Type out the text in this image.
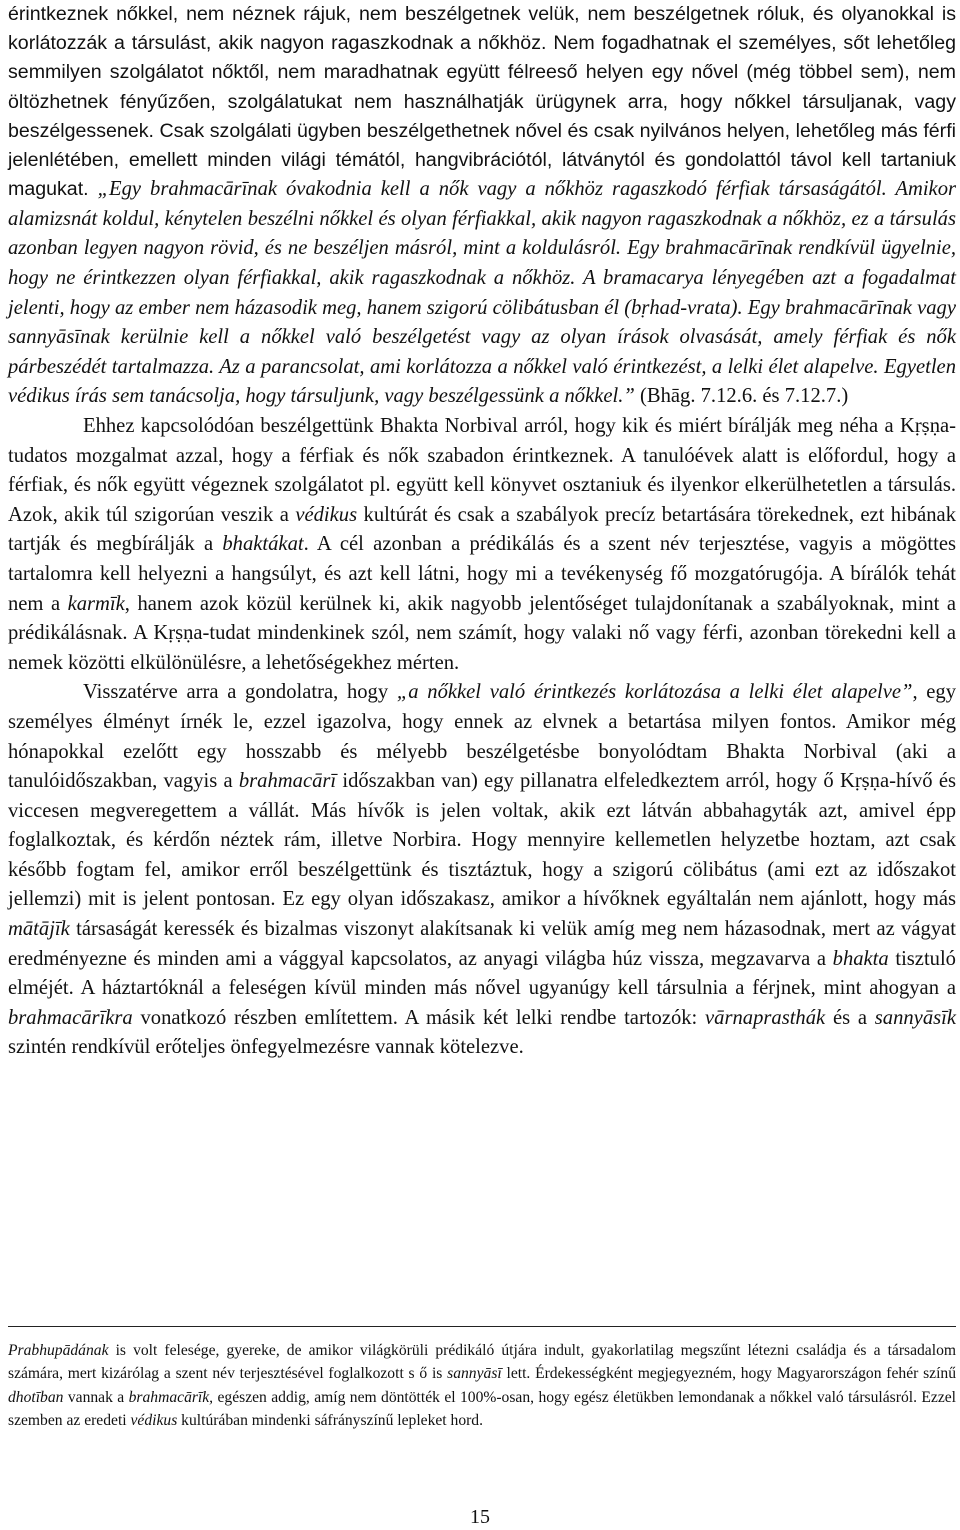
érintkeznek nőkkel, nem néznek rájuk, nem beszélgetnek velük, nem beszélgetnek róluk, és olyanokkal is korlátozzák a társulást, akik nagyon ragaszkodnak a nőkhöz. Nem fogadhatnak el személyes, sőt lehetőleg semmilyen szolgálatot nőktől, nem maradhatnak együtt félreeső helyen egy nővel (még többel sem), nem öltözhetnek fényűzően, szolgálatukat nem használhatják ürügynek arra, hogy nőkkel társuljanak, vagy beszélgessenek. Csak szolgálati ügyben beszélgethetnek nővel és csak nyilvános helyen, lehetőleg más férfi jelenlétében, emellett minden világi témától, hangvibrációtól, látványtól és gondolattól távol kell tartaniuk magukat. „Egy brahmacārīnak óvakodnia kell a nők vagy a nőkhöz ragaszkodó férfiak társaságától. Amikor alamizsnát koldul, kénytelen beszélni nőkkel és olyan férfiakkal, akik nagyon ragaszkodnak a nőkhöz, ez a társulás azonban legyen nagyon rövid, és ne beszéljen másról, mint a koldulásról. Egy brahmacārīnak rendkívül ügyelnie, hogy ne érintkezzen olyan férfiakkal, akik ragaszkodnak a nőkhöz. A bramacarya lényegében azt a fogadalmat jelenti, hogy az ember nem házasodik meg, hanem szigorú cölibátusban él (bṛhad-vrata). Egy brahmacārīnak vagy sannyāsīnak kerülnie kell a nőkkel való beszélgetést vagy az olyan írások olvasását, amely férfiak és nők párbeszédét tartalmazza. Az a parancsolat, ami korlátozza a nőkkel való érintkezést, a lelki élet alapelve. Egyetlen védikus írás sem tanácsolja, hogy társuljunk, vagy beszélgessünk a nőkkel.” (Bhāg. 7.12.6. és 7.12.7.)

Ehhez kapcsolódóan beszélgettünk Bhakta Norbival arról, hogy kik és miért bírálják meg néha a Kṛṣṇa-tudatos mozgalmat azzal, hogy a férfiak és nők szabadon érintkeznek. A tanulóévek alatt is előfordul, hogy a férfiak, és nők együtt végeznek szolgálatot pl. együtt kell könyvet osztaniuk és ilyenkor elkerülhetetlen a társulás. Azok, akik túl szigorúan veszik a védikus kultúrát és csak a szabályok precíz betartására törekednek, ezt hibának tartják és megbírálják a bhaktákat. A cél azonban a prédikálás és a szent név terjesztése, vagyis a mögöttes tartalomra kell helyezni a hangsúlyt, és azt kell látni, hogy mi a tevékenység fő mozgatórugója. A bírálók tehát nem a karmīk, hanem azok közül kerülnek ki, akik nagyobb jelentőséget tulajdonítanak a szabályoknak, mint a prédikálásnak. A Kṛṣṇa-tudat mindenkinek szól, nem számít, hogy valaki nő vagy férfi, azonban törekedni kell a nemek közötti elkülönülésre, a lehetőségekhez mérten.

Visszatérve arra a gondolatra, hogy „a nőkkel való érintkezés korlátozása a lelki élet alapelve”, egy személyes élményt írnék le, ezzel igazolva, hogy ennek az elvnek a betartása milyen fontos. Amikor még hónapokkal ezelőtt egy hosszabb és mélyebb beszélgetésbe bonyolódtam Bhakta Norbival (aki a tanulóidőszakban, vagyis a brahmacārī időszakban van) egy pillanatra elfeledkeztem arról, hogy ő Kṛṣṇa-hívő és viccesen megveregettem a vállát. Más hívők is jelen voltak, akik ezt látván abbahagyták azt, amivel épp foglalkoztak, és kérdőn néztek rám, illetve Norbira. Hogy mennyire kellemetlen helyzetbe hoztam, azt csak később fogtam fel, amikor erről beszélgettünk és tisztáztuk, hogy a szigorú cölibátus (ami ezt az időszakot jellemzi) mit is jelent pontosan. Ez egy olyan időszakasz, amikor a hívőknek egyáltalán nem ajánlott, hogy más mātājīk társaságát keressék és bizalmas viszonyt alakítsanak ki velük amíg meg nem házasodnak, mert az vágyat eredményezne és minden ami a vággyal kapcsolatos, az anyagi világba húz vissza, megzavarva a bhakta tisztuló elméjét. A háztartóknál a feleségen kívül minden más nővel ugyanúgy kell társulnia a férjnek, mint ahogyan a brahmacārīkra vonatkozó részben említettem. A másik két lelki rendbe tartozók: vārnaprasthák és a sannyāsīk szintén rendkívül erőteljes önfegyelmezésre vannak kötelezve.

Prabhupādának is volt felesége, gyereke, de amikor világkörüli prédikáló útjára indult, gyakorlatilag megszűnt létezni családja és a társadalom számára, mert kizárólag a szent név terjesztésével foglalkozott s ő is sannyāsī lett. Érdekességként megjegyezném, hogy Magyarországon fehér színű dhotīban vannak a brahmacārīk, egészen addig, amíg nem döntötték el 100%-osan, hogy egész életükben lemondanak a nőkkel való társulásról. Ezzel szemben az eredeti védikus kultúrában mindenki sáfrányszínű lepleket hord.

15
